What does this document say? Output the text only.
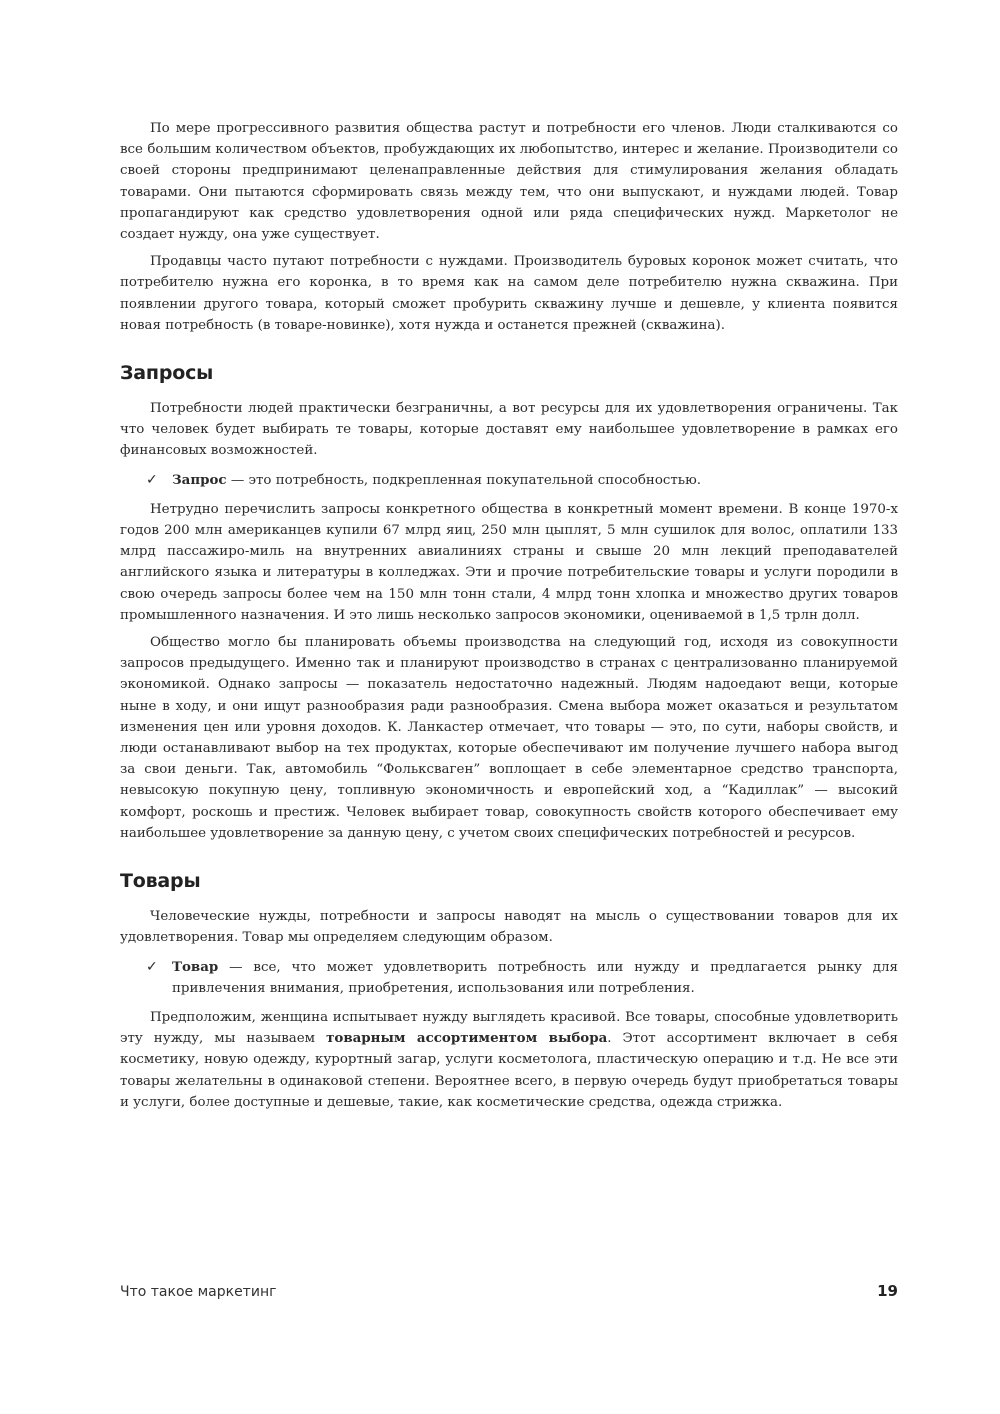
По мере прогрессивного развития общества растут и потребности его членов. Люди сталкиваются со все большим количеством объектов, пробуждающих их любопытство, интерес и желание. Производители со своей стороны предпринимают целенаправленные действия для стимулирования желания обладать товарами. Они пытаются сформировать связь между тем, что они выпускают, и нуждами людей. Товар пропагандируют как средство удовлетворения одной или ряда специфических нужд. Маркетолог не создает нужду, она уже существует.

Продавцы часто путают потребности с нуждами. Производитель буровых коронок может считать, что потребителю нужна его коронка, в то время как на самом деле потребителю нужна скважина. При появлении другого товара, который сможет пробурить скважину лучше и дешевле, у клиента появится новая потребность (в товаре-новинке), хотя нужда и останется прежней (скважина).

Запросы

Потребности людей практически безграничны, а вот ресурсы для их удовлетворения ограничены. Так что человек будет выбирать те товары, которые доставят ему наибольшее удовлетворение в рамках его финансовых возможностей.

✓	Запрос — это потребность, подкрепленная покупательной способностью.

Нетрудно перечислить запросы конкретного общества в конкретный момент времени. В конце 1970-х годов 200 млн американцев купили 67 млрд яиц, 250 млн цыплят, 5 млн сушилок для волос, оплатили 133 млрд пассажиро-миль на внутренних авиалиниях страны и свыше 20 млн лекций преподавателей английского языка и литературы в колледжах. Эти и прочие потребительские товары и услуги породили в свою очередь запросы более чем на 150 млн тонн стали, 4 млрд тонн хлопка и множество других товаров промышленного назначения. И это лишь несколько запросов экономики, оцениваемой в 1,5 трлн долл.

Общество могло бы планировать объемы производства на следующий год, исходя из совокупности запросов предыдущего. Именно так и планируют производство в странах с централизованно планируемой экономикой. Однако запросы — показатель недостаточно надежный. Людям надоедают вещи, которые ныне в ходу, и они ищут разнообразия ради разнообразия. Смена выбора может оказаться и результатом изменения цен или уровня доходов. К. Ланкастер отмечает, что товары — это, по сути, наборы свойств, и люди останавливают выбор на тех продуктах, которые обеспечивают им получение лучшего набора выгод за свои деньги. Так, автомобиль “Фольксваген” воплощает в себе элементарное средство транспорта, невысокую покупную цену, топливную экономичность и европейский ход, а “Кадиллак” — высокий комфорт, роскошь и престиж. Человек выбирает товар, совокупность свойств которого обеспечивает ему наибольшее удовлетворение за данную цену, с учетом своих специфических потребностей и ресурсов.

Товары

Человеческие нужды, потребности и запросы наводят на мысль о существовании товаров для их удовлетворения. Товар мы определяем следующим образом.

✓	Товар — все, что может удовлетворить потребность или нужду и предлагается рынку для привлечения внимания, приобретения, использования или потребления.

Предположим, женщина испытывает нужду выглядеть красивой. Все товары, способные удовлетворить эту нужду, мы называем товарным ассортиментом выбора. Этот ассортимент включает в себя косметику, новую одежду, курортный загар, услуги косметолога, пластическую операцию и т.д. Не все эти товары желательны в одинаковой степени. Вероятнее всего, в первую очередь будут приобретаться товары и услуги, более доступные и дешевые, такие, как косметические средства, одежда стрижка.

Что такое маркетинг	19
